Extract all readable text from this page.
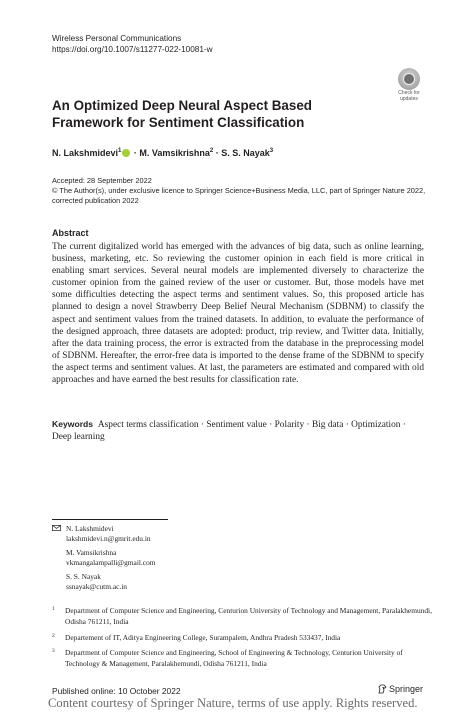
Wireless Personal Communications
https://doi.org/10.1007/s11277-022-10081-w
Check for
updates
An Optimized Deep Neural Aspect Based Framework for Sentiment Classification
N. Lakshmidevi$^1$ · M. Vamsikrishna$^2$ · S. S. Nayak$^3$
Accepted: 28 September 2022
© The Author(s), under exclusive licence to Springer Science+Business Media, LLC, part of Springer Nature 2022, corrected publication 2022
Abstract
The current digitalized world has emerged with the advances of big data, such as online learning, business, marketing, etc. So reviewing the customer opinion in each field is more critical in enabling smart services. Several neural models are implemented diversely to characterize the customer opinion from the gained review of the user or customer. But, those models have met some difficulties detecting the aspect terms and sentiment values. So, this proposed article has planned to design a novel Strawberry Deep Belief Neural Mechanism (SDBNM) to classify the aspect and sentiment values from the trained datasets. In addition, to evaluate the performance of the designed approach, three datasets are adopted: product, trip review, and Twitter data. Initially, after the data training process, the error is extracted from the database in the preprocessing model of SDBNM. Hereafter, the error-free data is imported to the dense frame of the SDBNM to specify the aspect terms and sentiment values. At last, the parameters are estimated and compared with old approaches and have earned the best results for classification rate.
Keywords Aspect terms classification · Sentiment value · Polarity · Big data · Optimization · Deep learning
N. Lakshmidevi
lakshmidevi.n@gmrit.edu.in
M. Vamsikrishna
vkmangalampalli@gmail.com
S. S. Nayak
ssnayak@cutm.ac.in
1 Department of Computer Science and Engineering, Centurion University of Technology and Management, Paralakhemundi, Odisha 761211, India
2 Departement of IT, Aditya Engineering College, Surampalem, Andhra Pradesh 533437, India
3 Department of Computer Science and Engineering, School of Engineering & Technology, Centurion University of Technology & Management, Paralakhemundi, Odisha 761211, India
Published online: 10 October 2022	Springer
Content courtesy of Springer Nature, terms of use apply. Rights reserved.
